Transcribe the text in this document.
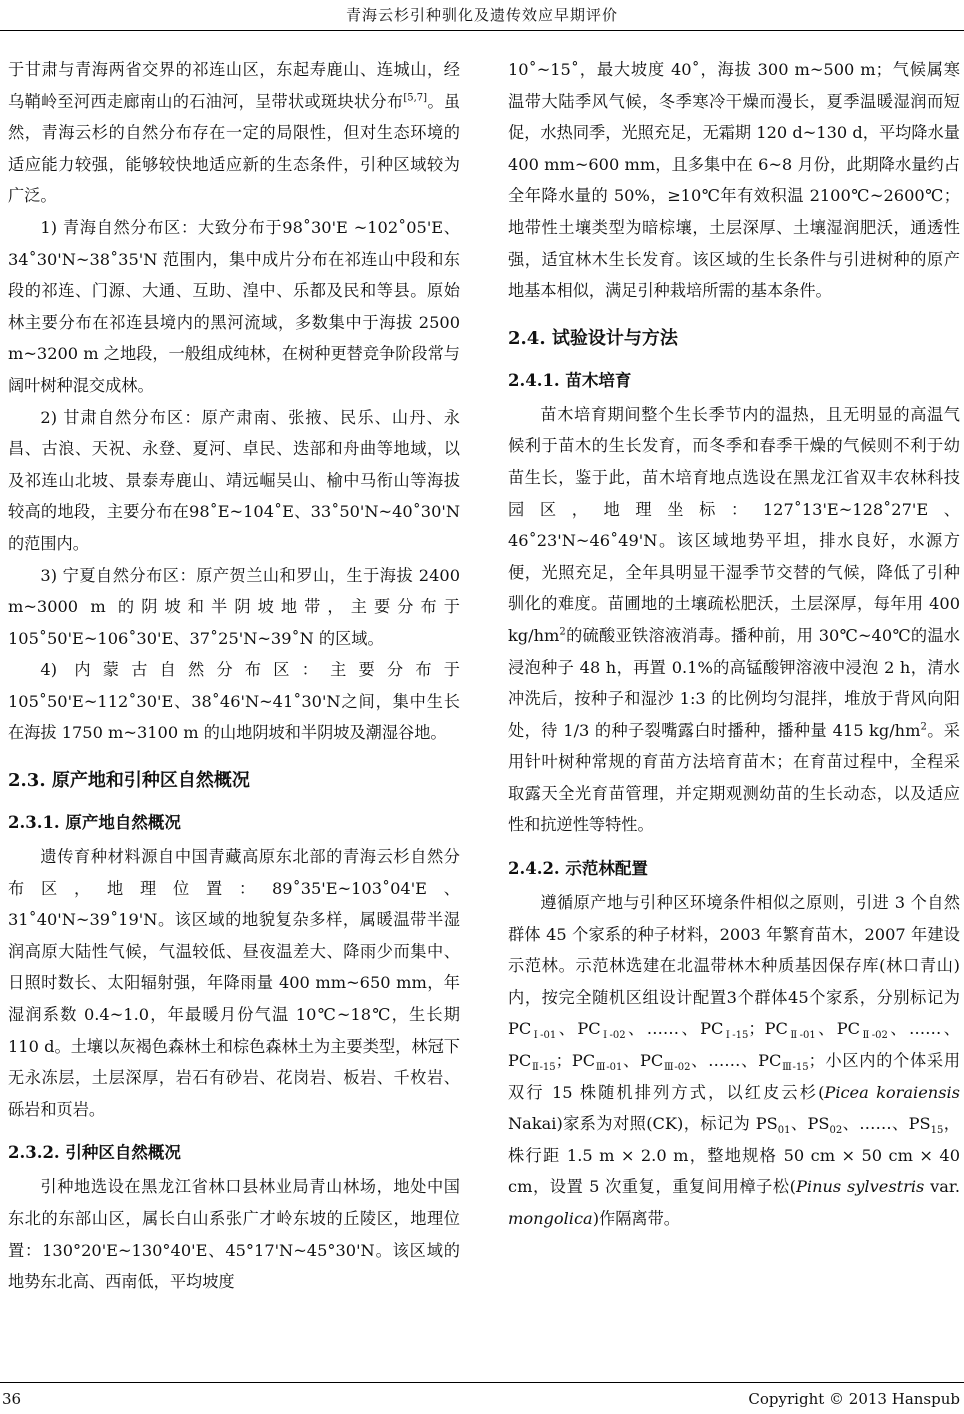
青海云杉引种驯化及遗传效应早期评价

于甘肃与青海两省交界的祁连山区，东起寿鹿山、连城山，经乌鞘岭至河西走廊南山的石油河，呈带状或斑块状分布[5,7]。虽然，青海云杉的自然分布存在一定的局限性，但对生态环境的适应能力较强，能够较快地适应新的生态条件，引种区域较为广泛。

1) 青海自然分布区：大致分布于98˚30'E ~102˚05'E、34˚30'N~38˚35'N 范围内，集中成片分布在祁连山中段和东段的祁连、门源、大通、互助、湟中、乐都及民和等县。原始林主要分布在祁连县境内的黑河流域，多数集中于海拔 2500 m~3200 m 之地段，一般组成纯林，在树种更替竞争阶段常与阔叶树种混交成林。

2) 甘肃自然分布区：原产肃南、张掖、民乐、山丹、永昌、古浪、天祝、永登、夏河、卓民、迭部和舟曲等地域，以及祁连山北坡、景泰寿鹿山、靖远崛吴山、榆中马衔山等海拔较高的地段，主要分布在98˚E~104˚E、33˚50'N~40˚30'N 的范围内。

3) 宁夏自然分布区：原产贺兰山和罗山，生于海拔 2400 m~3000 m 的阴坡和半阴坡地带，主要分布于105˚50'E~106˚30'E、37˚25'N~39˚N 的区域。

4) 内蒙古自然分布区：主要分布于 105˚50'E~112˚30'E、38˚46'N~41˚30'N之间，集中生长在海拔 1750 m~3100 m 的山地阴坡和半阴坡及潮湿谷地。

2.3. 原产地和引种区自然概况
2.3.1. 原产地自然概况

遗传育种材料源自中国青藏高原东北部的青海云杉自然分布区，地理位置：89˚35'E~103˚04'E、31˚40'N~39˚19'N。该区域的地貌复杂多样，属暖温带半湿润高原大陆性气候，气温较低、昼夜温差大、降雨少而集中、日照时数长、太阳辐射强，年降雨量 400 mm~650 mm，年湿润系数 0.4~1.0，年最暖月份气温 10℃~18℃，生长期 110 d。土壤以灰褐色森林土和棕色森林土为主要类型，林冠下无永冻层，土层深厚，岩石有砂岩、花岗岩、板岩、千枚岩、砾岩和页岩。

2.3.2. 引种区自然概况

引种地选设在黑龙江省林口县林业局青山林场，地处中国东北的东部山区，属长白山系张广才岭东坡的丘陵区，地理位置：130°20'E~130°40'E、45°17'N~45°30'N。该区域的地势东北高、西南低，平均坡度

10˚~15˚，最大坡度 40˚，海拔 300 m~500 m；气候属寒温带大陆季风气候，冬季寒冷干燥而漫长，夏季温暖湿润而短促，水热同季，光照充足，无霜期 120 d~130 d，平均降水量 400 mm~600 mm，且多集中在 6~8 月份，此期降水量约占全年降水量的 50%，≥10℃年有效积温 2100℃~2600℃；地带性土壤类型为暗棕壤，土层深厚、土壤湿润肥沃，通透性强，适宜林木生长发育。该区域的生长条件与引进树种的原产地基本相似，满足引种栽培所需的基本条件。

2.4. 试验设计与方法
2.4.1. 苗木培育

苗木培育期间整个生长季节内的温热，且无明显的高温气候利于苗木的生长发育，而冬季和春季干燥的气候则不利于幼苗生长，鉴于此，苗木培育地点选设在黑龙江省双丰农林科技园区，地理坐标：127˚13'E~128˚27'E、46˚23'N~46˚49'N。该区域地势平坦，排水良好，水源方便，光照充足，全年具明显干湿季节交替的气候，降低了引种驯化的难度。苗圃地的土壤疏松肥沃，土层深厚，每年用 400 $kg/hm^2$的硫酸亚铁溶液消毒。播种前，用 30℃~40℃的温水浸泡种子 48 h，再置 0.1%的高锰酸钾溶液中浸泡 2 h，清水冲洗后，按种子和湿沙 1:3 的比例均匀混拌，堆放于背风向阳处，待 1/3 的种子裂嘴露白时播种，播种量 415 $kg/hm^2$。采用针叶树种常规的育苗方法培育苗木；在育苗过程中，全程采取露天全光育苗管理，并定期观测幼苗的生长动态，以及适应性和抗逆性等特性。

2.4.2. 示范林配置

遵循原产地与引种区环境条件相似之原则，引进 3 个自然群体 45 个家系的种子材料，2003 年繁育苗木，2007 年建设示范林。示范林选建在北温带林木种质基因保存库(林口青山)内，按完全随机区组设计配置3个群体45个家系，分别标记为$PC_{Ⅰ-01}$、$PC_{Ⅰ-02}$、……、$PC_{Ⅰ-15}$；$PC_{Ⅱ-01}$、$PC_{Ⅱ-02}$、……、$PC_{Ⅱ-15}$；$PC_{Ⅲ-01}$、$PC_{Ⅲ-02}$、……、$PC_{Ⅲ-15}$；小区内的个体采用双行 15 株随机排列方式，以红皮云杉(Picea koraiensis Nakai)家系为对照(CK)，标记为 $PS_{01}$、$PS_{02}$、……、$PS_{15}$，株行距 1.5 m × 2.0 m，整地规格 50 cm × 50 cm × 40 cm，设置 5 次重复，重复间用樟子松(Pinus sylvestris var. mongolica)作隔离带。

36	Copyright © 2013 Hanspub
